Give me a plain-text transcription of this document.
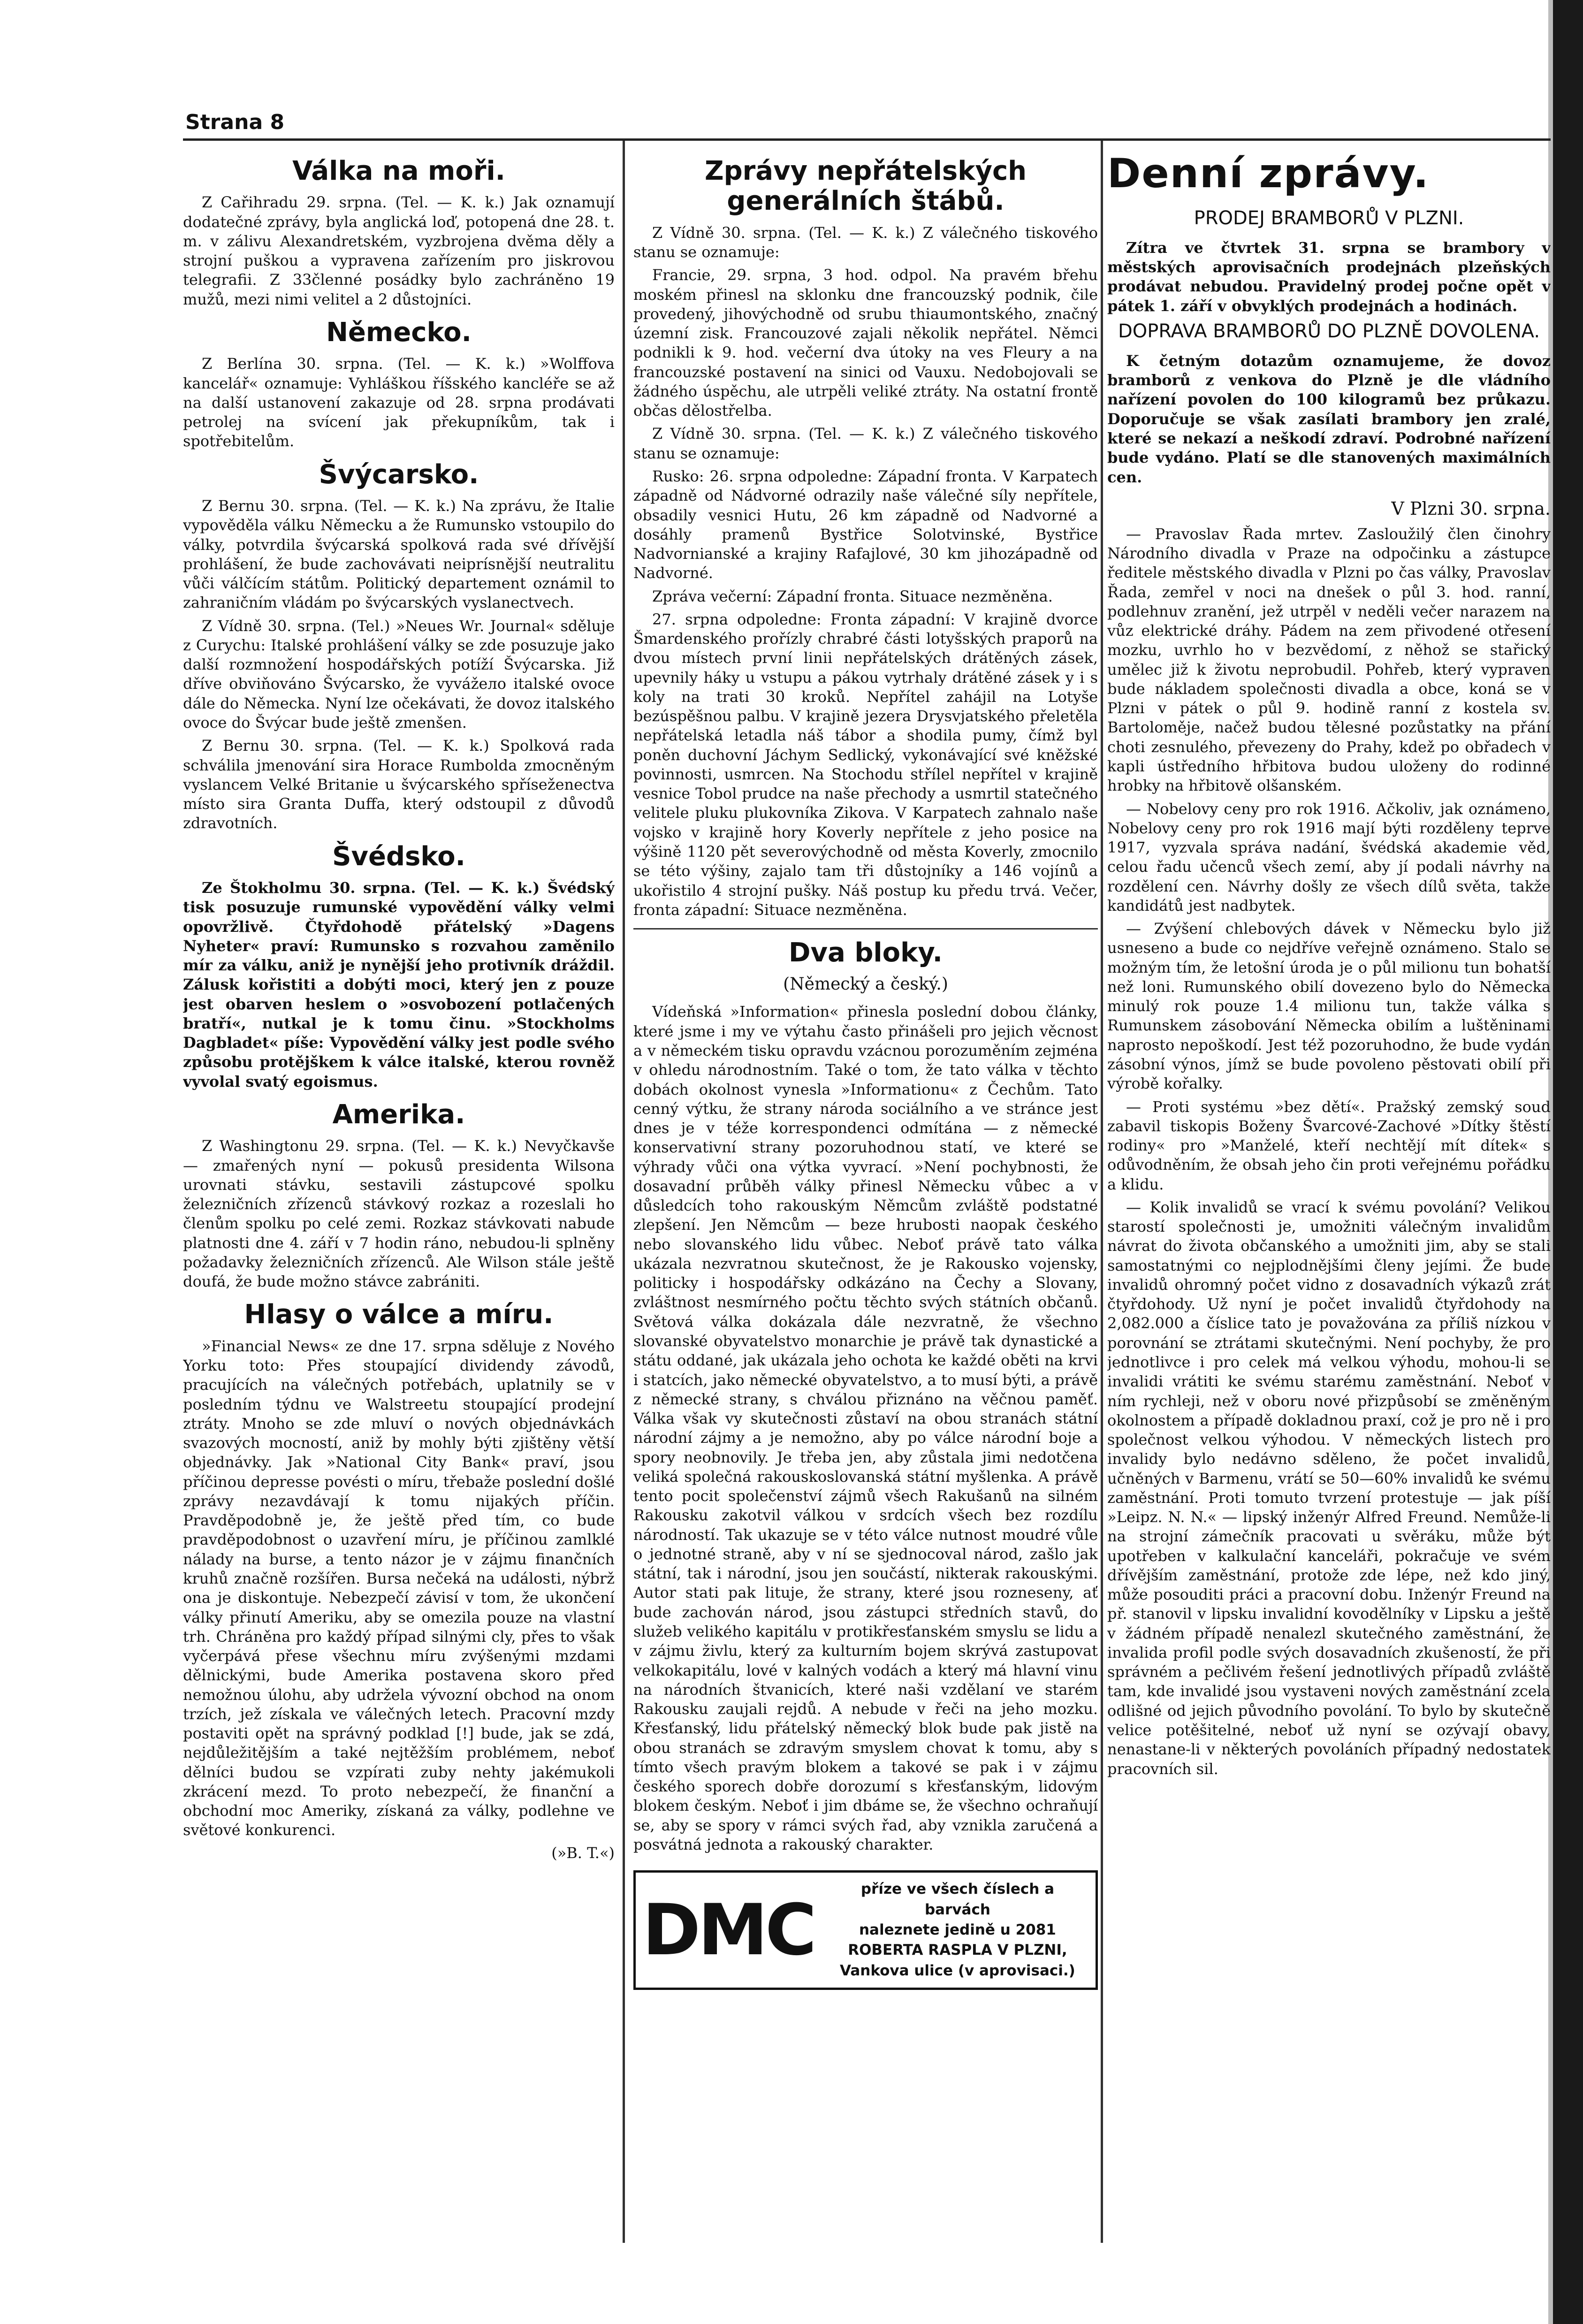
Strana 8
Válka na moři.

Z Cařihradu 29. srpna. (Tel. — K. k.) Jak oznamují dodatečné zprávy, byla anglická loď, potopená dne 28. t. m. v zálivu Alexandretském, vyzbrojena dvěma děly a strojní puškou a vypravena zařízením pro jiskrovou telegrafii. Z 33členné posádky bylo zachráněno 19 mužů, mezi nimi velitel a 2 důstojníci.

Německo.

Z Berlína 30. srpna. (Tel. — K. k.) »Wolffova kancelář« oznamuje: Vyhláškou říšského kancléře se až na další ustanovení zakazuje od 28. srpna prodávati petrolej na svícení jak překupníkům, tak i spotřebitelům.

Švýcarsko.

Z Bernu 30. srpna. (Tel. — K. k.) Na zprávu, že Italie vypověděla válku Německu a že Rumunsko vstoupilo do války, potvrdila švýcarská spolková rada své dřívější prohlášení, že bude zachovávati neiprísnější neutralitu vůči válčícím státům. Politický departement oznámil to zahraničním vládám po švýcarských vyslanectvech.

Z Vídně 30. srpna. (Tel.) »Neues Wr. Journal« sděluje z Curychu: Italské prohlášení války se zde posuzuje jako další rozmnožení hospodářských potíží Švýcarska. Již dříve obviňováno Švýcarsko, že vyvážело italské ovoce dále do Německa. Nyní lze očekávati, že dovoz italského ovoce do Švýcar bude ještě zmenšen.

Z Bernu 30. srpna. (Tel. — K. k.) Spolková rada schválila jmenování sira Horace Rumbolda zmocněným vyslancem Velké Britanie u švýcarského spříseženectva místo sira Granta Duffa, který odstoupil z důvodů zdravotních.

Švédsko.

Ze Štokholmu 30. srpna. (Tel. — K. k.) Švédský tisk posuzuje rumunské vypovědění války velmi opovržlivě. Čtyřdohodě přátelský »Dagens Nyheter« praví: Rumunsko s rozvahou zaměnilo mír za válku, aniž je nynější jeho protivník dráždil. Zálusk kořistiti a dobýti moci, který jen z pouze jest obarven heslem o »osvobození potlačených bratří«, nutkal je k tomu činu. »Stockholms Dagbladet« píše: Vypovědění války jest podle svého způsobu protějškem k válce italské, kterou rovněž vyvolal svatý egoismus.

Amerika.

Z Washingtonu 29. srpna. (Tel. — K. k.) Nevyčkavše — zmařených nyní — pokusů presidenta Wilsona urovnati stávku, sestavili zástupcové spolku železničních zřízenců stávkový rozkaz a rozeslali ho členům spolku po celé zemi. Rozkaz stávkovati nabude platnosti dne 4. září v 7 hodin ráno, nebudou-li splněny požadavky železničních zřízenců. Ale Wilson stále ještě doufá, že bude možno stávce zabrániti.

Hlasy o válce a míru.

»Financial News« ze dne 17. srpna sděluje z Nového Yorku toto: Přes stoupající dividendy závodů, pracujících na válečných potřebách, uplatnily se v posledním týdnu ve Walstreetu stoupající prodejní ztráty. Mnoho se zde mluví o nových objednávkách svazových mocností, aniž by mohly býti zjištěny větší objednávky. Jak »National City Bank« praví, jsou příčinou depresse povésti o míru, třebaže poslední došlé zprávy nezavdávají k tomu nijakých příčin. Pravděpodobně je, že ještě před tím, co bude pravděpodobnost o uzavření míru, je příčinou zamlklé nálady na burse, a tento názor je v zájmu finančních kruhů značně rozšířen. Bursa nečeká na události, nýbrž ona je diskontuje. Nebezpečí závisí v tom, že ukončení války přinutí Ameriku, aby se omezila pouze na vlastní trh. Chráněna pro každý případ silnými cly, přes to však vyčerpává přese všechnu míru zvýšenými mzdami dělnickými, bude Amerika postavena skoro před nemožnou úlohu, aby udržela vývozní obchod na onom trzích, jež získala ve válečných letech. Pracovní mzdy postaviti opět na správný podklad [!] bude, jak se zdá, nejdůležitějším a také nejtěžším problémem, neboť dělníci budou se vzpírati zuby nehty jakémukoli zkrácení mezd. To proto nebezpečí, že finanční a obchodní moc Ameriky, získaná za války, podlehne ve světové konkurenci.

(»B. T.«)
Zprávy nepřátelských generálních štábů.

Z Vídně 30. srpna. (Tel. — K. k.) Z válečného tiskového stanu se oznamuje:

Francie, 29. srpna, 3 hod. odpol. Na pravém břehu moském přinesl na sklonku dne francouzský podnik, čile provedený, jihovýchodně od srubu thiaumontského, značný územní zisk. Francouzové zajali několik nepřátel. Němci podnikli k 9. hod. večerní dva útoky na ves Fleury a na francouzské postavení na sinici od Vauxu. Nedobojovali se žádného úspěchu, ale utrpěli veliké ztráty. Na ostatní frontě občas dělostřelba.

Z Vídně 30. srpna. (Tel. — K. k.) Z válečného tiskového stanu se oznamuje:

Rusko: 26. srpna odpoledne: Západní fronta. V Karpatech západně od Nádvorné odrazily naše válečné síly nepřítele, obsadily vesnici Hutu, 26 km západně od Nadvorné a dosáhly pramenů Bystřice Solotvinské, Bystřice Nadvornianské a krajiny Rafajlové, 30 km jihozápadně od Nadvorné.

Zpráva večerní: Západní fronta. Situace nezměněna.

27. srpna odpoledne: Fronta západní: V krajině dvorce Šmardenského prořízly chrabré části lotyšských praporů na dvou místech první linii nepřátelských drátěných zásek, upevnily háky u vstupu a pákou vytrhaly drátěné zásek y i s koly na trati 30 kroků. Nepřítel zahájil na Lotyše bezúspěšnou palbu. V krajině jezera Drysvjatského přeletěla nepřátelská letadla náš tábor a shodila pumy, čímž byl poněn duchovní Jáchym Sedlický, vykonávající své kněžské povinnosti, usmrcen. Na Stochodu střílel nepřítel v krajině vesnice Tobol prudce na naše přechody a usmrtil statečného velitele pluku plukovníka Zikova. V Karpatech zahnalo naše vojsko v krajině hory Koverly nepřítele z jeho posice na výšině 1120 pět severovýchodně od města Koverly, zmocnilo se této výšiny, zajalo tam tři důstojníky a 146 vojínů a ukořistilo 4 strojní pušky. Náš postup ku předu trvá. Večer, fronta západní: Situace nezměněna.

Dva bloky.
(Německý a český.)

Vídeňská »Information« přinesla poslední dobou články, které jsme i my ve výtahu často přinášeli pro jejich věcnost a v německém tisku opravdu vzácnou porozuměním zejména v ohledu národnostním. Také o tom, že tato válka v těchto dobách okolnost vynesla »Informationu« z Čechům. Tato cenný výtku, že strany národa sociálního a ve stránce jest dnes je v téže korrespondenci odmítána — z německé konservativní strany pozoruhodnou statí, ve které se výhrady vůči ona výtka vyvrací. »Není pochybnosti, že dosavadní průběh války přinesl Německu vůbec a v důsledcích toho rakouským Němcům zvláště podstatné zlepšení. Jen Němcům — beze hrubosti naopak českého nebo slovanského lidu vůbec. Neboť právě tato válka ukázala nezvratnou skutečnost, že je Rakousko vojensky, politicky i hospodářsky odkázáno na Čechy a Slovany, zvláštnost nesmírného počtu těchto svých státních občanů. Světová válka dokázala dále nezvratně, že všechno slovanské obyvatelstvo monarchie je právě tak dynastické a státu oddané, jak ukázala jeho ochota ke každé oběti na krvi i statcích, jako německé obyvatelstvo, a to musí býti, a právě z německé strany, s chválou přiznáno na věčnou paměť. Válka však vy skutečnosti zůstaví na obou stranách státní národní zájmy a je nemožno, aby po válce národní boje a spory neobnovily. Je třeba jen, aby zůstala jimi nedotčena veliká společná rakouskoslovanská státní myšlenka. A právě tento pocit společenství zájmů všech Rakušanů na silném Rakousku zakotvil válkou v srdcích všech bez rozdílu národností. Tak ukazuje se v této válce nutnost moudré vůle o jednotné straně, aby v ní se sjednocoval národ, zašlo jak státní, tak i národní, jsou jen součástí, nikterak rakouskými. Autor stati pak lituje, že strany, které jsou rozneseny, ať bude zachován národ, jsou zástupci středních stavů, do služeb velikého kapitálu v protikřesťanském smyslu se lidu a v zájmu živlu, který za kulturním bojem skrývá zastupovat velkokapitálu, lové v kalných vodách a který má hlavní vinu na národních štvanicích, které naši vzdělaní ve starém Rakousku zaujali rejdů. A nebude v řeči na jeho mozku. Křesťanský, lidu přátelský německý blok bude pak jistě na obou stranách se zdravým smyslem chovat k tomu, aby s tímto všech pravým blokem a takové se pak i v zájmu českého sporech dobře dorozumí s křesťanským, lidovým blokem českým. Neboť i jim dbáme se, že všechno ochraňují se, aby se spory v rámci svých řad, aby vznikla zaručená a posvátná jednota a rakouský charakter.

DMC
příze ve všech číslech a barvách
naleznete jedině u 2081
ROBERTA RASPLA V PLZNI,
Vankova ulice (v aprovisaci.)
Denní zprávy.
PRODEJ BRAMBORŮ V PLZNI.

Zítra ve čtvrtek 31. srpna se brambory v městských aprovisačních prodejnách plzeňských prodávat nebudou. Pravidelný prodej počne opět v pátek 1. září v obvyklých prodejnách a hodinách.

DOPRAVA BRAMBORŮ DO PLZNĚ DOVOLENA.

K četným dotazům oznamujeme, že dovoz bramborů z venkova do Plzně je dle vládního nařízení povolen do 100 kilogramů bez průkazu. Doporučuje se však zasílati brambory jen zralé, které se nekazí a neškodí zdraví. Podrobné nařízení bude vydáno. Platí se dle stanovených maximálních cen.

V Plzni 30. srpna.

— Pravoslav Řada mrtev. Zasloužilý člen činohry Národního divadla v Praze na odpočinku a zástupce ředitele městského divadla v Plzni po čas války, Pravoslav Řada, zemřel v noci na dnešek o půl 3. hod. ranní, podlehnuv zranění, jež utrpěl v neděli večer narazem na vůz elektrické dráhy. Pádem na zem přivodené otřesení mozku, uvrhlo ho v bezvědomí, z něhož se stařický umělec již k životu neprobudil. Pohřeb, který vypraven bude nákladem společnosti divadla a obce, koná se v Plzni v pátek o půl 9. hodině ranní z kostela sv. Bartoloměje, načež budou tělesné pozůstatky na přání choti zesnulého, převezeny do Prahy, kdež po obřadech v kapli ústředního hřbitova budou uloženy do rodinné hrobky na hřbitově olšanském.

— Nobelovy ceny pro rok 1916. Ačkoliv, jak oznámeno, Nobelovy ceny pro rok 1916 mají býti rozděleny teprve 1917, vyzvala správa nadání, švédská akademie věd, celou řadu učenců všech zemí, aby jí podali návrhy na rozdělení cen. Návrhy došly ze všech dílů světa, takže kandidátů jest nadbytek.

— Zvýšení chlebových dávek v Německu bylo již usneseno a bude co nejdříve veřejně oznámeno. Stalo se možným tím, že letošní úroda je o půl milionu tun bohatší než loni. Rumunského obilí dovezeno bylo do Německa minulý rok pouze 1.4 milionu tun, takže válka s Rumunskem zásobování Německa obilím a luštěninami naprosto nepoškodí. Jest též pozoruhodno, že bude vydán zásobní výnos, jímž se bude povoleno pěstovati obilí při výrobě kořalky.

— Proti systému »bez dětí«. Pražský zemský soud zabavil tiskopis Boženy Švarcové-Zachové »Dítky štěstí rodiny« pro »Manželé, kteří nechtějí mít dítek« s odůvodněním, že obsah jeho čin proti veřejnému pořádku a klidu.

— Kolik invalidů se vrací k svému povolání? Velikou starostí společnosti je, umožniti válečným invalidům návrat do života občanského a umožniti jim, aby se stali samostatnými co nejplodnějšími členy jejími. Že bude invalidů ohromný počet vidno z dosavadních výkazů zrát čtyřdohody. Už nyní je počet invalidů čtyřdohody na 2,082.000 a číslice tato je považována za příliš nízkou v porovnání se ztrátami skutečnými. Není pochyby, že pro jednotlivce i pro celek má velkou výhodu, mohou-li se invalidi vrátiti ke svému starému zaměstnání. Neboť v ním rychleji, než v oboru nové přizpůsobí se změněným okolnostem a případě dokladnou praxí, což je pro ně i pro společnost velkou výhodou. V německých listech pro invalidy bylo nedávno sděleno, že počet invalidů, učněných v Barmenu, vrátí se 50—60% invalidů ke svému zaměstnání. Proti tomuto tvrzení protestuje — jak píší »Leipz. N. N.« — lipský inženýr Alfred Freund. Nemůže-li na strojní zámečník pracovati u svěráku, může být upotřeben v kalkulační kanceláři, pokračuje ve svém dřívějším zaměstnání, protože zde lépe, než kdo jiný, může posouditi práci a pracovní dobu. Inženýr Freund na př. stanovil v lipsku invalidní kovodělníky v Lipsku a ještě v žádném případě nenalezl skutečného zaměstnání, že invalida profil podle svých dosavadních zkušeností, že při správném a pečlivém řešení jednotlivých případů zvláště tam, kde invalidé jsou vystaveni nových zaměstnání zcela odlišné od jejich původního povolání. To bylo by skutečně velice potěšitelné, neboť už nyní se ozývají obavy, nenastane-li v některých povoláních případný nedostatek pracovních sil.
